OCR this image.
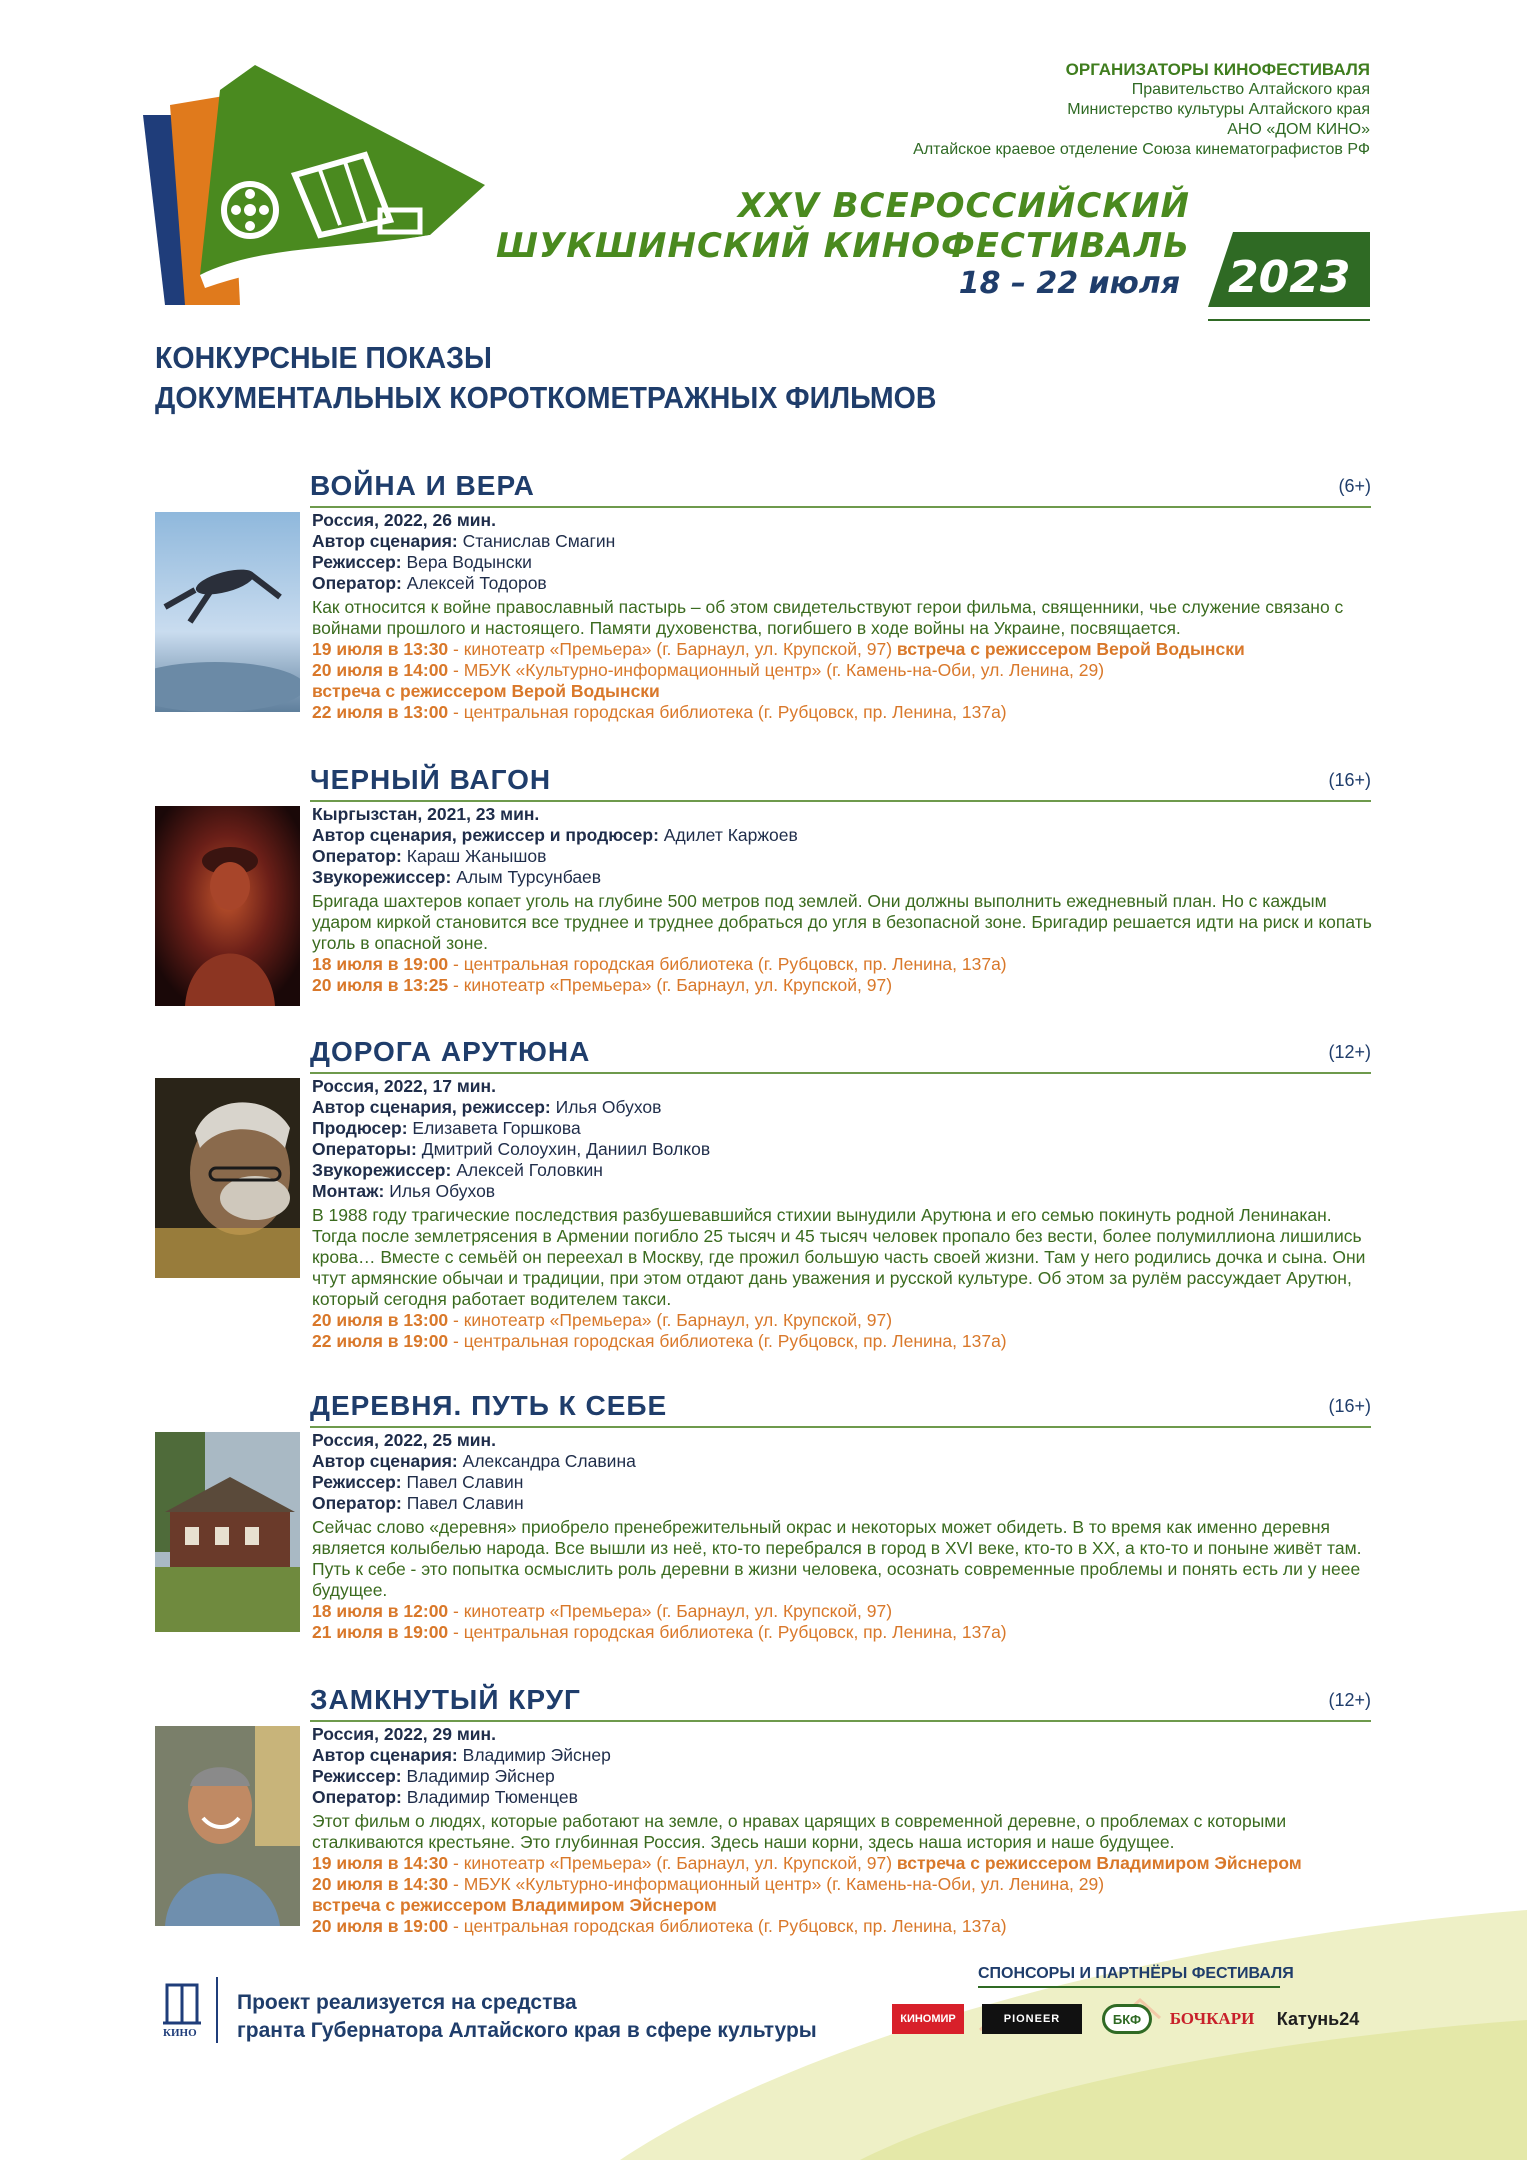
ОРГАНИЗАТОРЫ КИНОФЕСТИВАЛЯ
Правительство Алтайского края
Министерство культуры Алтайского края
АНО «ДОМ КИНО»
Алтайское краевое отделение Союза кинематографистов РФ
XXV ВСЕРОССИЙСКИЙ
ШУКШИНСКИЙ КИНОФЕСТИВАЛЬ
18 – 22 июля	2023
КОНКУРСНЫЕ ПОКАЗЫ
ДОКУМЕНТАЛЬНЫХ КОРОТКОМЕТРАЖНЫХ ФИЛЬМОВ
ВОЙНА И ВЕРА	(6+)
Россия, 2022, 26 мин.
Автор сценария: Станислав Смагин
Режиссер: Вера Водынски
Оператор: Алексей Тодоров
Как относится к войне православный пастырь – об этом свидетельствуют герои фильма, священники, чье служение связано с войнами прошлого и настоящего. Памяти духовенства, погибшего в ходе войны на Украине, посвящается.
19 июля в 13:30 - кинотеатр «Премьера» (г. Барнаул, ул. Крупской, 97) встреча с режиссером Верой Водынски
20 июля в 14:00 - МБУК «Культурно-информационный центр» (г. Камень-на-Оби, ул. Ленина, 29)
встреча с режиссером Верой Водынски
22 июля в 13:00 - центральная городская библиотека (г. Рубцовск, пр. Ленина, 137а)
ЧЕРНЫЙ ВАГОН	(16+)
Кыргызстан, 2021, 23 мин.
Автор сценария, режиссер и продюсер: Адилет Каржоев
Оператор: Караш Жанышов
Звукорежиссер: Алым Турсунбаев
Бригада шахтеров копает уголь на глубине 500 метров под землей. Они должны выполнить ежедневный план. Но с каждым ударом киркой становится все труднее и труднее добраться до угля в безопасной зоне. Бригадир решается идти на риск и копать уголь в опасной зоне.
18 июля в 19:00 - центральная городская библиотека (г. Рубцовск, пр. Ленина, 137а)
20 июля в 13:25 - кинотеатр «Премьера» (г. Барнаул, ул. Крупской, 97)
ДОРОГА АРУТЮНА	(12+)
Россия, 2022, 17 мин.
Автор сценария, режиссер: Илья Обухов
Продюсер: Елизавета Горшкова
Операторы: Дмитрий Солоухин, Даниил Волков
Звукорежиссер: Алексей Головкин
Монтаж: Илья Обухов
В 1988 году трагические последствия разбушевавшийся стихии вынудили Арутюна и его семью покинуть родной Ленинакан. Тогда после землетрясения в Армении погибло 25 тысяч и 45 тысяч человек пропало без вести, более полумиллиона лишились крова… Вместе с семьёй он переехал в Москву, где прожил большую часть своей жизни. Там у него родились дочка и сына. Они чтут армянские обычаи и традиции, при этом отдают дань уважения и русской культуре. Об этом за рулём рассуждает Арутюн, который сегодня работает водителем такси.
20 июля в 13:00 - кинотеатр «Премьера» (г. Барнаул, ул. Крупской, 97)
22 июля в 19:00 - центральная городская библиотека (г. Рубцовск, пр. Ленина, 137а)
ДЕРЕВНЯ. ПУТЬ К СЕБЕ	(16+)
Россия, 2022, 25 мин.
Автор сценария: Александра Славина
Режиссер: Павел Славин
Оператор: Павел Славин
Сейчас слово «деревня» приобрело пренебрежительный окрас и некоторых может обидеть. В то время как именно деревня является колыбелью народа. Все вышли из неё, кто-то перебрался в город в XVI веке, кто-то в XX, а кто-то и поныне живёт там. Путь к себе - это попытка осмыслить роль деревни в жизни человека, осознать современные проблемы и понять есть ли у неее будущее.
18 июля в 12:00 - кинотеатр «Премьера» (г. Барнаул, ул. Крупской, 97)
21 июля в 19:00 - центральная городская библиотека (г. Рубцовск, пр. Ленина, 137а)
ЗАМКНУТЫЙ КРУГ	(12+)
Россия, 2022, 29 мин.
Автор сценария: Владимир Эйснер
Режиссер: Владимир Эйснер
Оператор: Владимир Тюменцев
Этот фильм о людях, которые работают на земле, о нравах царящих в современной деревне, о проблемах с которыми сталкиваются крестьяне. Это глубинная Россия. Здесь наши корни, здесь наша история и наше будущее.
19 июля в 14:30 - кинотеатр «Премьера» (г. Барнаул, ул. Крупской, 97) встреча с режиссером Владимиром Эйснером
20 июля в 14:30 - МБУК «Культурно-информационный центр» (г. Камень-на-Оби, ул. Ленина, 29)
встреча с режиссером Владимиром Эйснером
20 июля в 19:00 - центральная городская библиотека (г. Рубцовск, пр. Ленина, 137а)
КИНО
Проект реализуется на средства
гранта Губернатора Алтайского края в сфере культуры
СПОНСОРЫ И ПАРТНЁРЫ ФЕСТИВАЛЯ
КИНОМИР	PIONEER	БКФ	БОЧКАРИ	Катунь24
